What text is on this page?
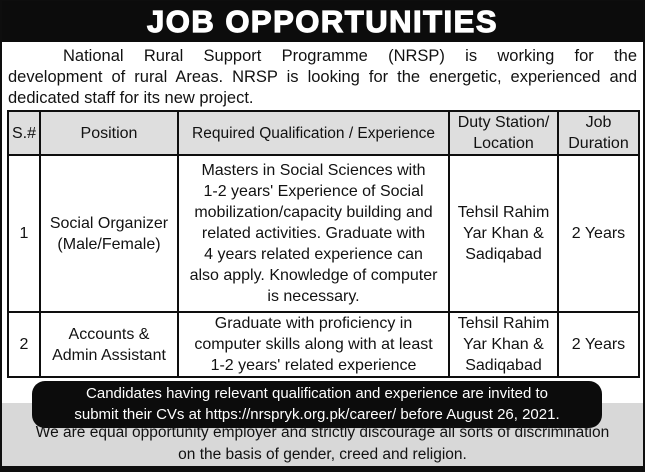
JOB OPPORTUNITIES
National Rural Support Programme (NRSP) is working for the
development of rural Areas. NRSP is looking for the energetic, experienced and
dedicated staff for its new project.
S.#	Position	Required Qualification / Experience	Duty Station/ Location	Job Duration
1	Social Organizer
(Male/Female)	Masters in Social Sciences with
1-2 years' Experience of Social
mobilization/capacity building and
related activities. Graduate with
4 years related experience can
also apply. Knowledge of computer
is necessary.	Tehsil Rahim
Yar Khan &
Sadiqabad	2 Years
2	Accounts &
Admin Assistant	Graduate with proficiency in
computer skills along with at least
1-2 years' related experience	Tehsil Rahim
Yar Khan &
Sadiqabad	2 Years
Candidates having relevant qualification and experience are invited to
submit their CVs at https://nrspryk.org.pk/career/ before August 26, 2021.
We are equal opportunity employer and strictly discourage all sorts of discrimination
on the basis of gender, creed and religion.
